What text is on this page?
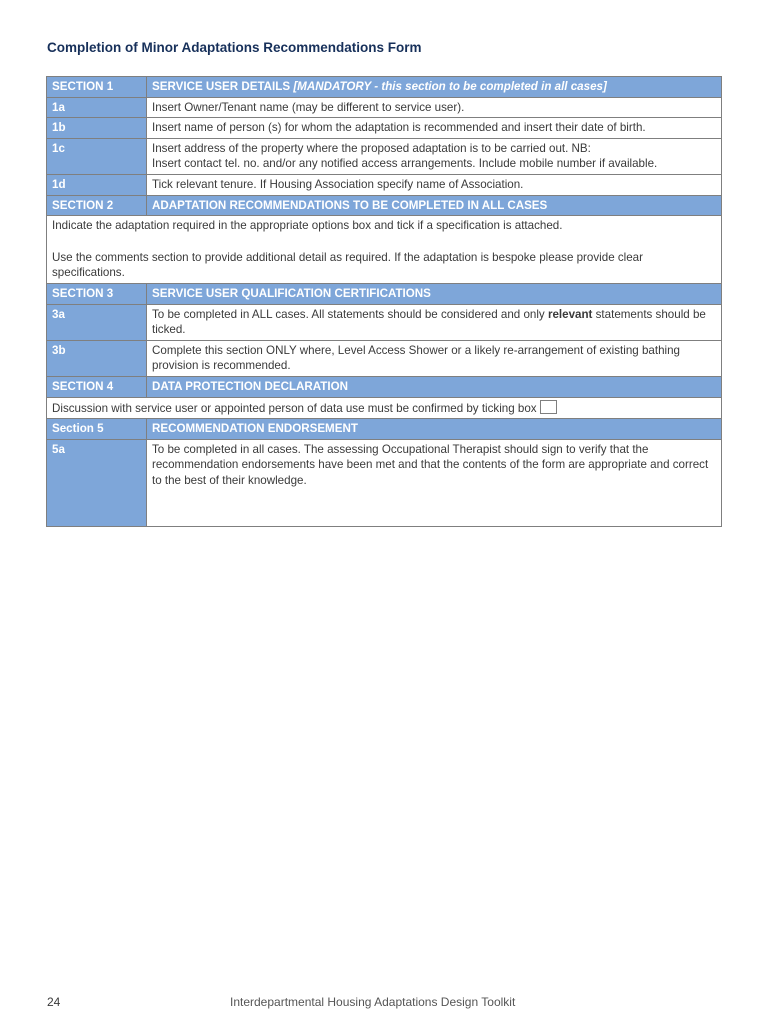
Completion of Minor Adaptations Recommendations Form
SECTION 1	SERVICE USER DETAILS [MANDATORY - this section to be completed in all cases]
1a	Insert Owner/Tenant name (may be different to service user).
1b	Insert name of person (s) for whom the adaptation is recommended and insert their date of birth.
1c	Insert address of the property where the proposed adaptation is to be carried out. NB:
Insert contact tel. no. and/or any notified access arrangements. Include mobile number if available.

1d	Tick relevant tenure. If Housing Association specify name of Association.
SECTION 2	ADAPTATION RECOMMENDATIONS TO BE COMPLETED IN ALL CASES

Indicate the adaptation required in the appropriate options box and tick if a specification is attached.
Use the comments section to provide additional detail as required. If the adaptation is bespoke please provide clear specifications.	

SECTION 3	SERVICE USER QUALIFICATION CERTIFICATIONS
3a	To be completed in ALL cases. All statements should be considered and only relevant statements should be ticked.
3b	Complete this section ONLY where, Level Access Shower or a likely re-arrangement of existing bathing provision is recommended.
SECTION 4	DATA PROTECTION DECLARATION
Discussion with service user or appointed person of data use must be confirmed by ticking box	
Section 5	RECOMMENDATION ENDORSEMENT
5a	To be completed in all cases. The assessing Occupational Therapist should sign to verify that the recommendation endorsements have been met and that the contents of the form are appropriate and correct to the best of their knowledge.
24	Interdepartmental Housing Adaptations Design Toolkit
